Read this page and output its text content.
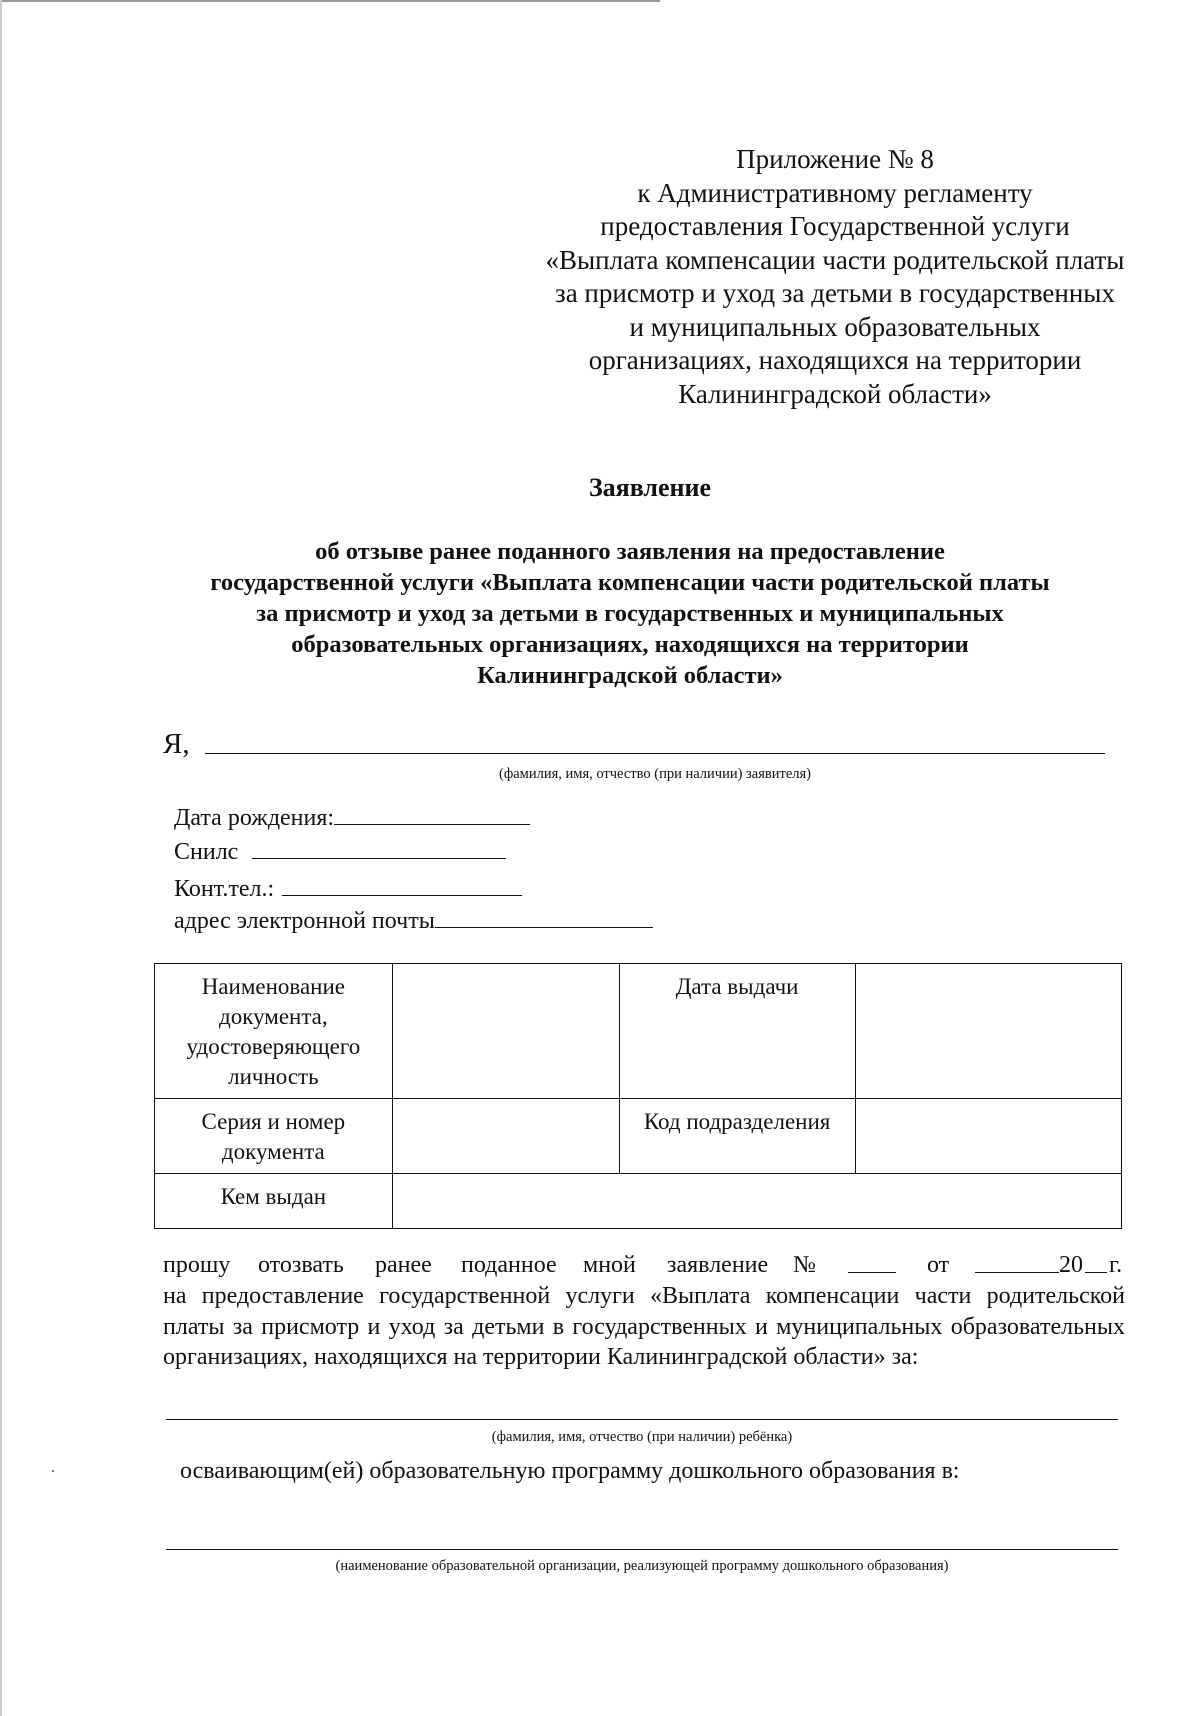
Приложение № 8
к Административному регламенту
предоставления Государственной услуги
«Выплата компенсации части родительской платы
за присмотр и уход за детьми в государственных
и муниципальных образовательных
организациях, находящихся на территории
Калининградской области»
Заявление
об отзыве ранее поданного заявления на предоставление
государственной услуги «Выплата компенсации части родительской платы
за присмотр и уход за детьми в государственных и муниципальных
образовательных организациях, находящихся на территории
Калининградской области»
Я,
(фамилия, имя, отчество (при наличии) заявителя)
Дата рождения:
Снилс
Конт.тел.:
адрес электронной почты
Наименование документа, удостоверяющего личность		Дата выдачи	
Серия и номер документа		Код подразделения	
Кем выдан			
прошу отозвать ранее поданное мной заявление №	от	20 г.
на предоставление государственной услуги «Выплата компенсации части родительской
платы за присмотр и уход за детьми в государственных и муниципальных образовательных
организациях, находящихся на территории Калининградской области» за:
(фамилия, имя, отчество (при наличии) ребёнка)
осваивающим(ей) образовательную программу дошкольного образования в:
(наименование образовательной организации, реализующей программу дошкольного образования)
